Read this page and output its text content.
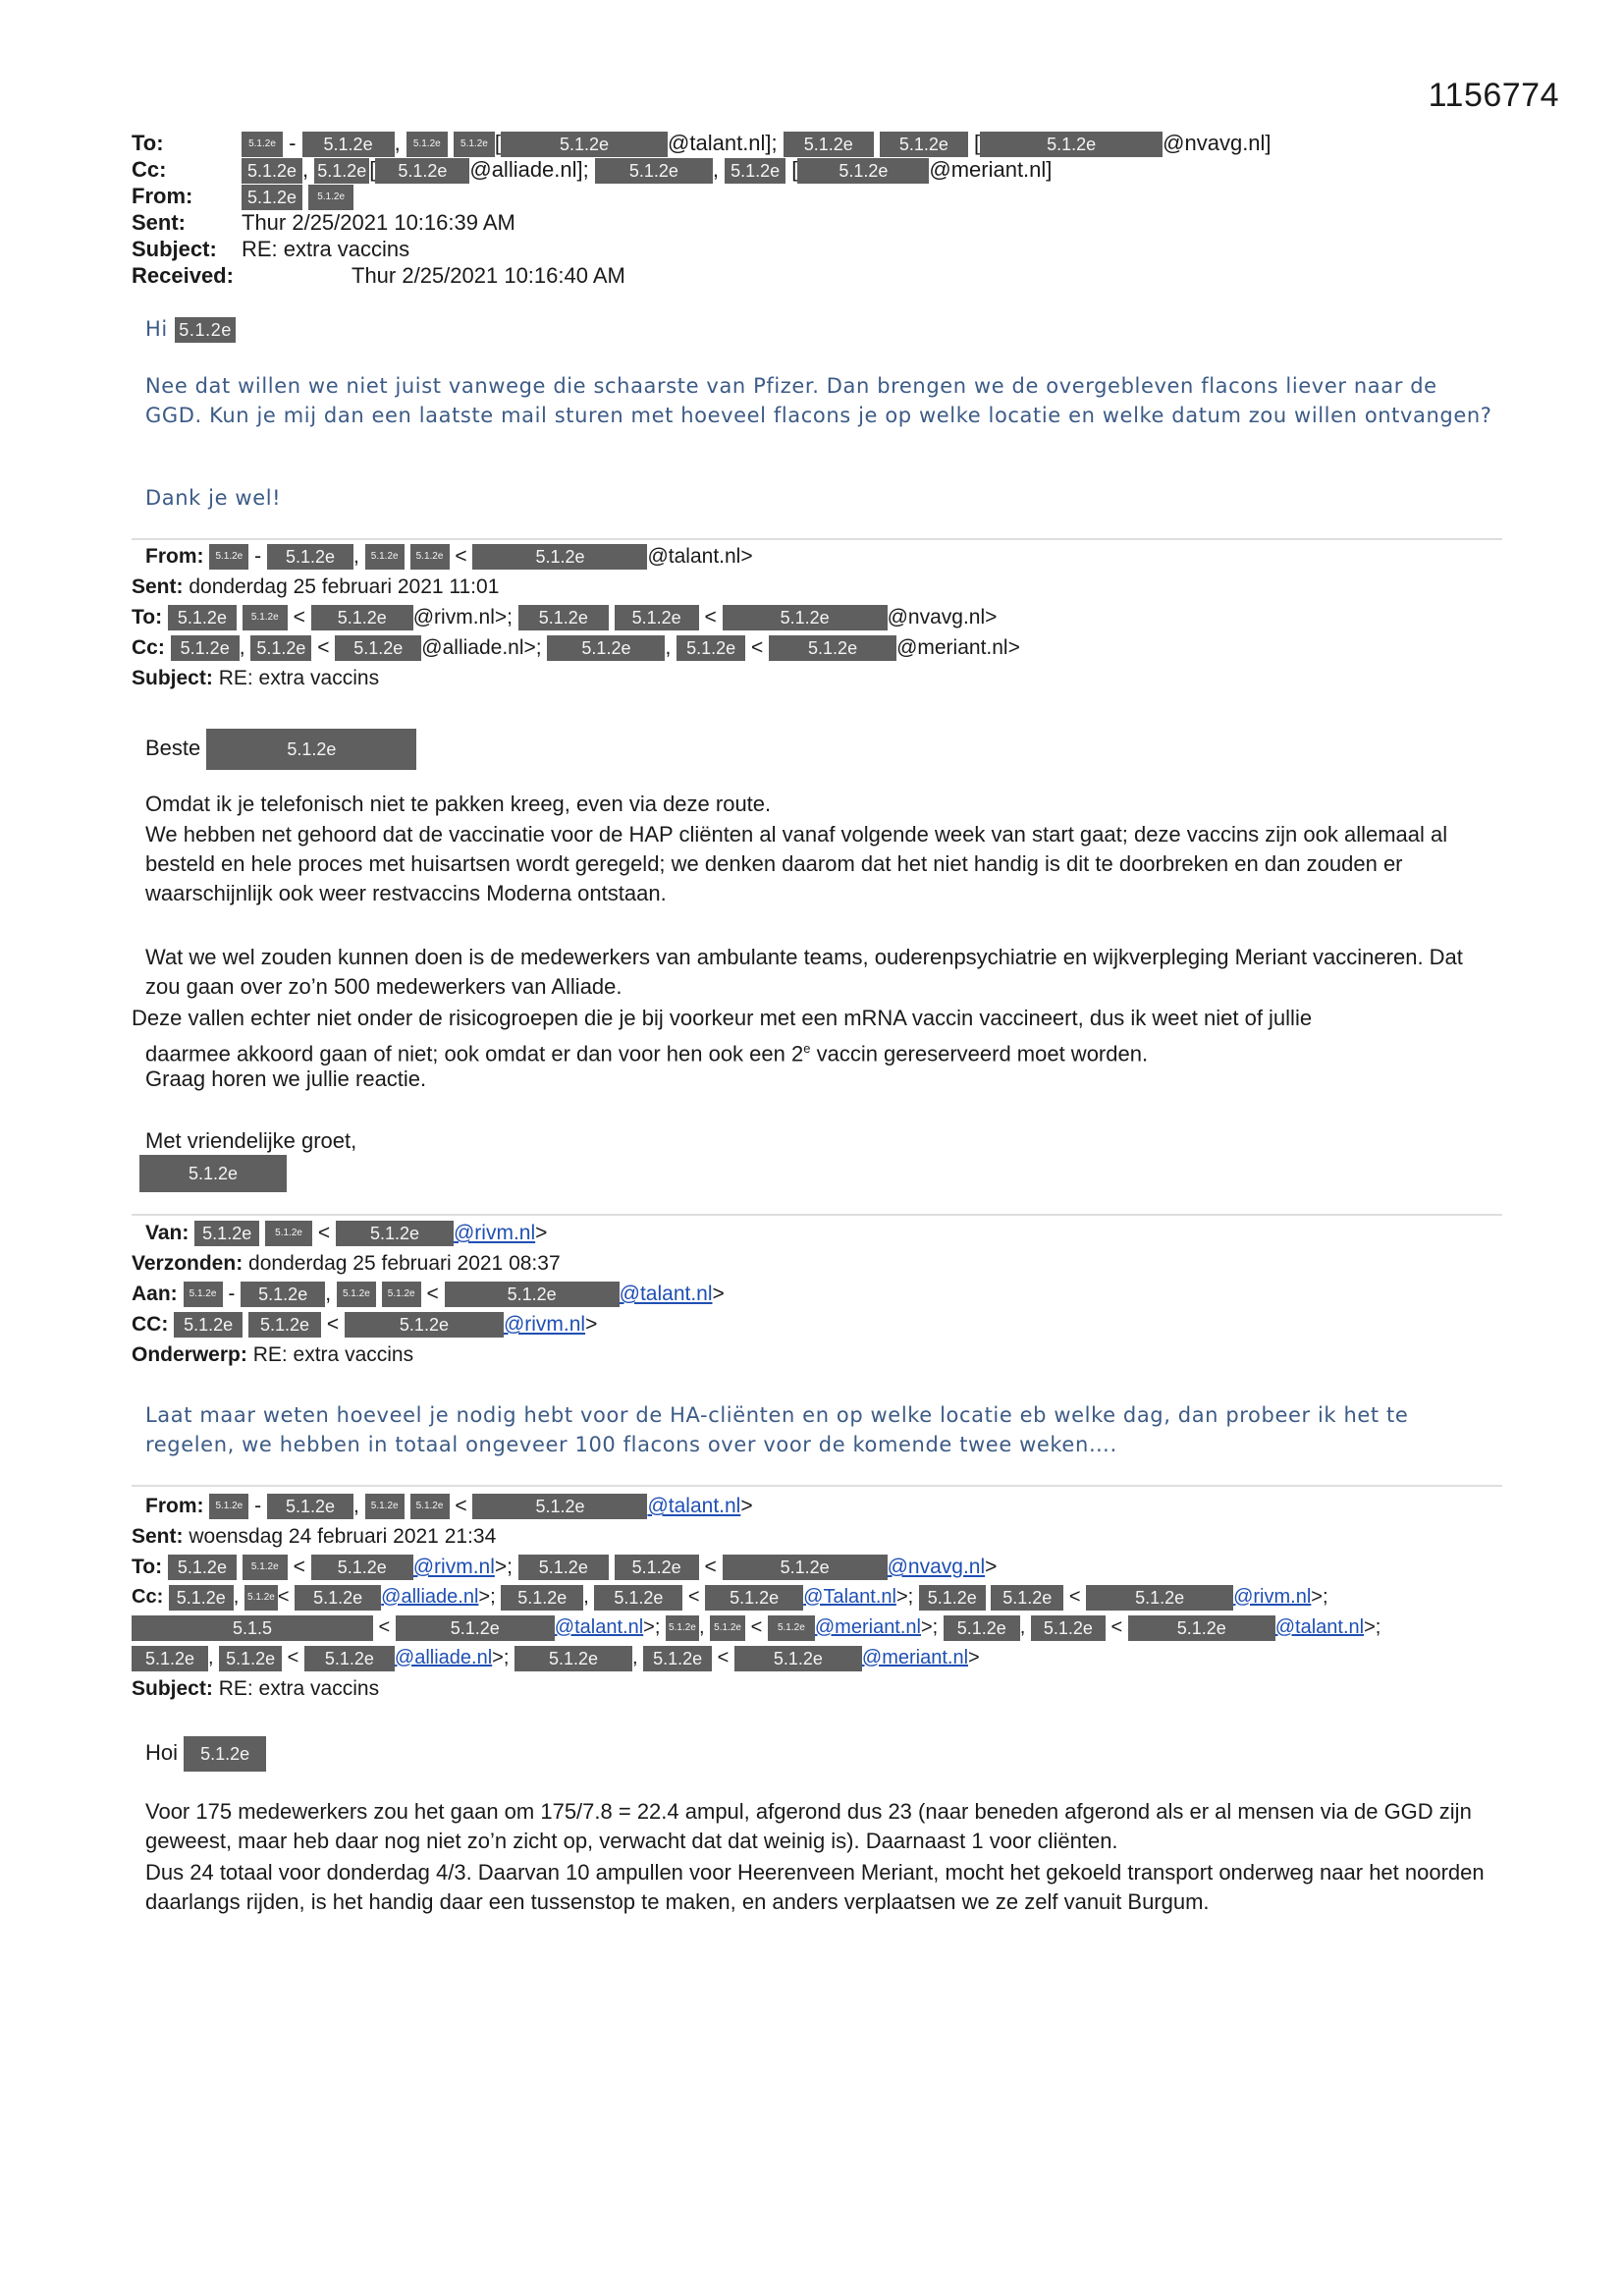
1156774
To:	5.1.2e - 5.1.2e , 5.1.2e 5.1.2e [	5.1.2e	@talant.nl]; 5.1.2e	5.1.2e [	5.1.2e	@nvavg.nl]
Cc:	5.1.2e , 5.1.2e [ 5.1.2e @alliade.nl]; 5.1.2e , 5.1.2e [ 5.1.2e @meriant.nl]
From:	5.1.2e 5.1.2e
Sent:	Thur 2/25/2021 10:16:39 AM
Subject: RE: extra vaccins
Received:	Thur 2/25/2021 10:16:40 AM
Hi 5.1.2e
Nee dat willen we niet juist vanwege die schaarste van Pfizer. Dan brengen we de overgebleven flacons liever naar de GGD. Kun je mij dan een laatste mail sturen met hoeveel flacons je op welke locatie en welke datum zou willen ontvangen?
Dank je wel!
From: 5.1.2e - 5.1.2e , 5.1.2e 5.1.2e <	5.1.2e	@talant.nl>
Sent: donderdag 25 februari 2021 11:01
To: 5.1.2e 5.1.2e < 5.1.2e @rivm.nl>; 5.1.2e 5.1.2e <	5.1.2e	@nvavg.nl>
Cc: 5.1.2e , 5.1.2e < 5.1.2e @alliade.nl>; 5.1.2e , 5.1.2e < 5.1.2e @meriant.nl>
Subject: RE: extra vaccins
Beste	5.1.2e
Omdat ik je telefonisch niet te pakken kreeg, even via deze route.
We hebben net gehoord dat de vaccinatie voor de HAP cliënten al vanaf volgende week van start gaat; deze vaccins zijn ook allemaal al besteld en hele proces met huisartsen wordt geregeld; we denken daarom dat het niet handig is dit te doorbreken en dan zouden er waarschijnlijk ook weer restvaccins Moderna ontstaan.
Wat we wel zouden kunnen doen is de medewerkers van ambulante teams, ouderenpsychiatrie en wijkverpleging Meriant vaccineren. Dat zou gaan over zo’n 500 medewerkers van Alliade.
Deze vallen echter niet onder de risicogroepen die je bij voorkeur met een mRNA vaccin vaccineert, dus ik weet niet of jullie
daarmee akkoord gaan of niet; ook omdat er dan voor hen ook een 2e vaccin gereserveerd moet worden.
Graag horen we jullie reactie.
Met vriendelijke groet,
5.1.2e
Van: 5.1.2e 5.1.2e < 5.1.2e @rivm.nl>
Verzonden: donderdag 25 februari 2021 08:37
Aan: 5.1.2e - 5.1.2e , 5.1.2e 5.1.2e <	5.1.2e	@talant.nl>
CC: 5.1.2e 5.1.2e <	5.1.2e	@rivm.nl>
Onderwerp: RE: extra vaccins
Laat maar weten hoeveel je nodig hebt voor de HA-cliënten en op welke locatie eb welke dag, dan probeer ik het te regelen, we hebben in totaal ongeveer 100 flacons over voor de komende twee weken….
From: 5.1.2e - 5.1.2e , 5.1.2e 5.1.2e <	5.1.2e	@talant.nl>
Sent: woensdag 24 februari 2021 21:34
To: 5.1.2e 5.1.2e < 5.1.2e @rivm.nl>; 5.1.2e 5.1.2e <	5.1.2e	@nvavg.nl>
Cc: 5.1.2e , 5.1.2e < 5.1.2e @alliade.nl>; 5.1.2e , 5.1.2e < 5.1.2e @Talant.nl>; 5.1.2e 5.1.2e <	5.1.2e @rivm.nl>;
5.1.5	<	5.1.2e	@talant.nl>; 5.1.2e , 5.1.2e < 5.1.2e @meriant.nl>; 5.1.2e , 5.1.2e <	5.1.2e @talant.nl>;
5.1.2e , 5.1.2e < 5.1.2e @alliade.nl>; 5.1.2e , 5.1.2e < 5.1.2e @meriant.nl>
Subject: RE: extra vaccins
Hoi 5.1.2e
Voor 175 medewerkers zou het gaan om 175/7.8 = 22.4 ampul, afgerond dus 23 (naar beneden afgerond als er al mensen via de GGD zijn geweest, maar heb daar nog niet zo’n zicht op, verwacht dat dat weinig is). Daarnaast 1 voor cliënten.
Dus 24 totaal voor donderdag 4/3. Daarvan 10 ampullen voor Heerenveen Meriant, mocht het gekoeld transport onderweg naar het noorden daarlangs rijden, is het handig daar een tussenstop te maken, en anders verplaatsen we ze zelf vanuit Burgum.
